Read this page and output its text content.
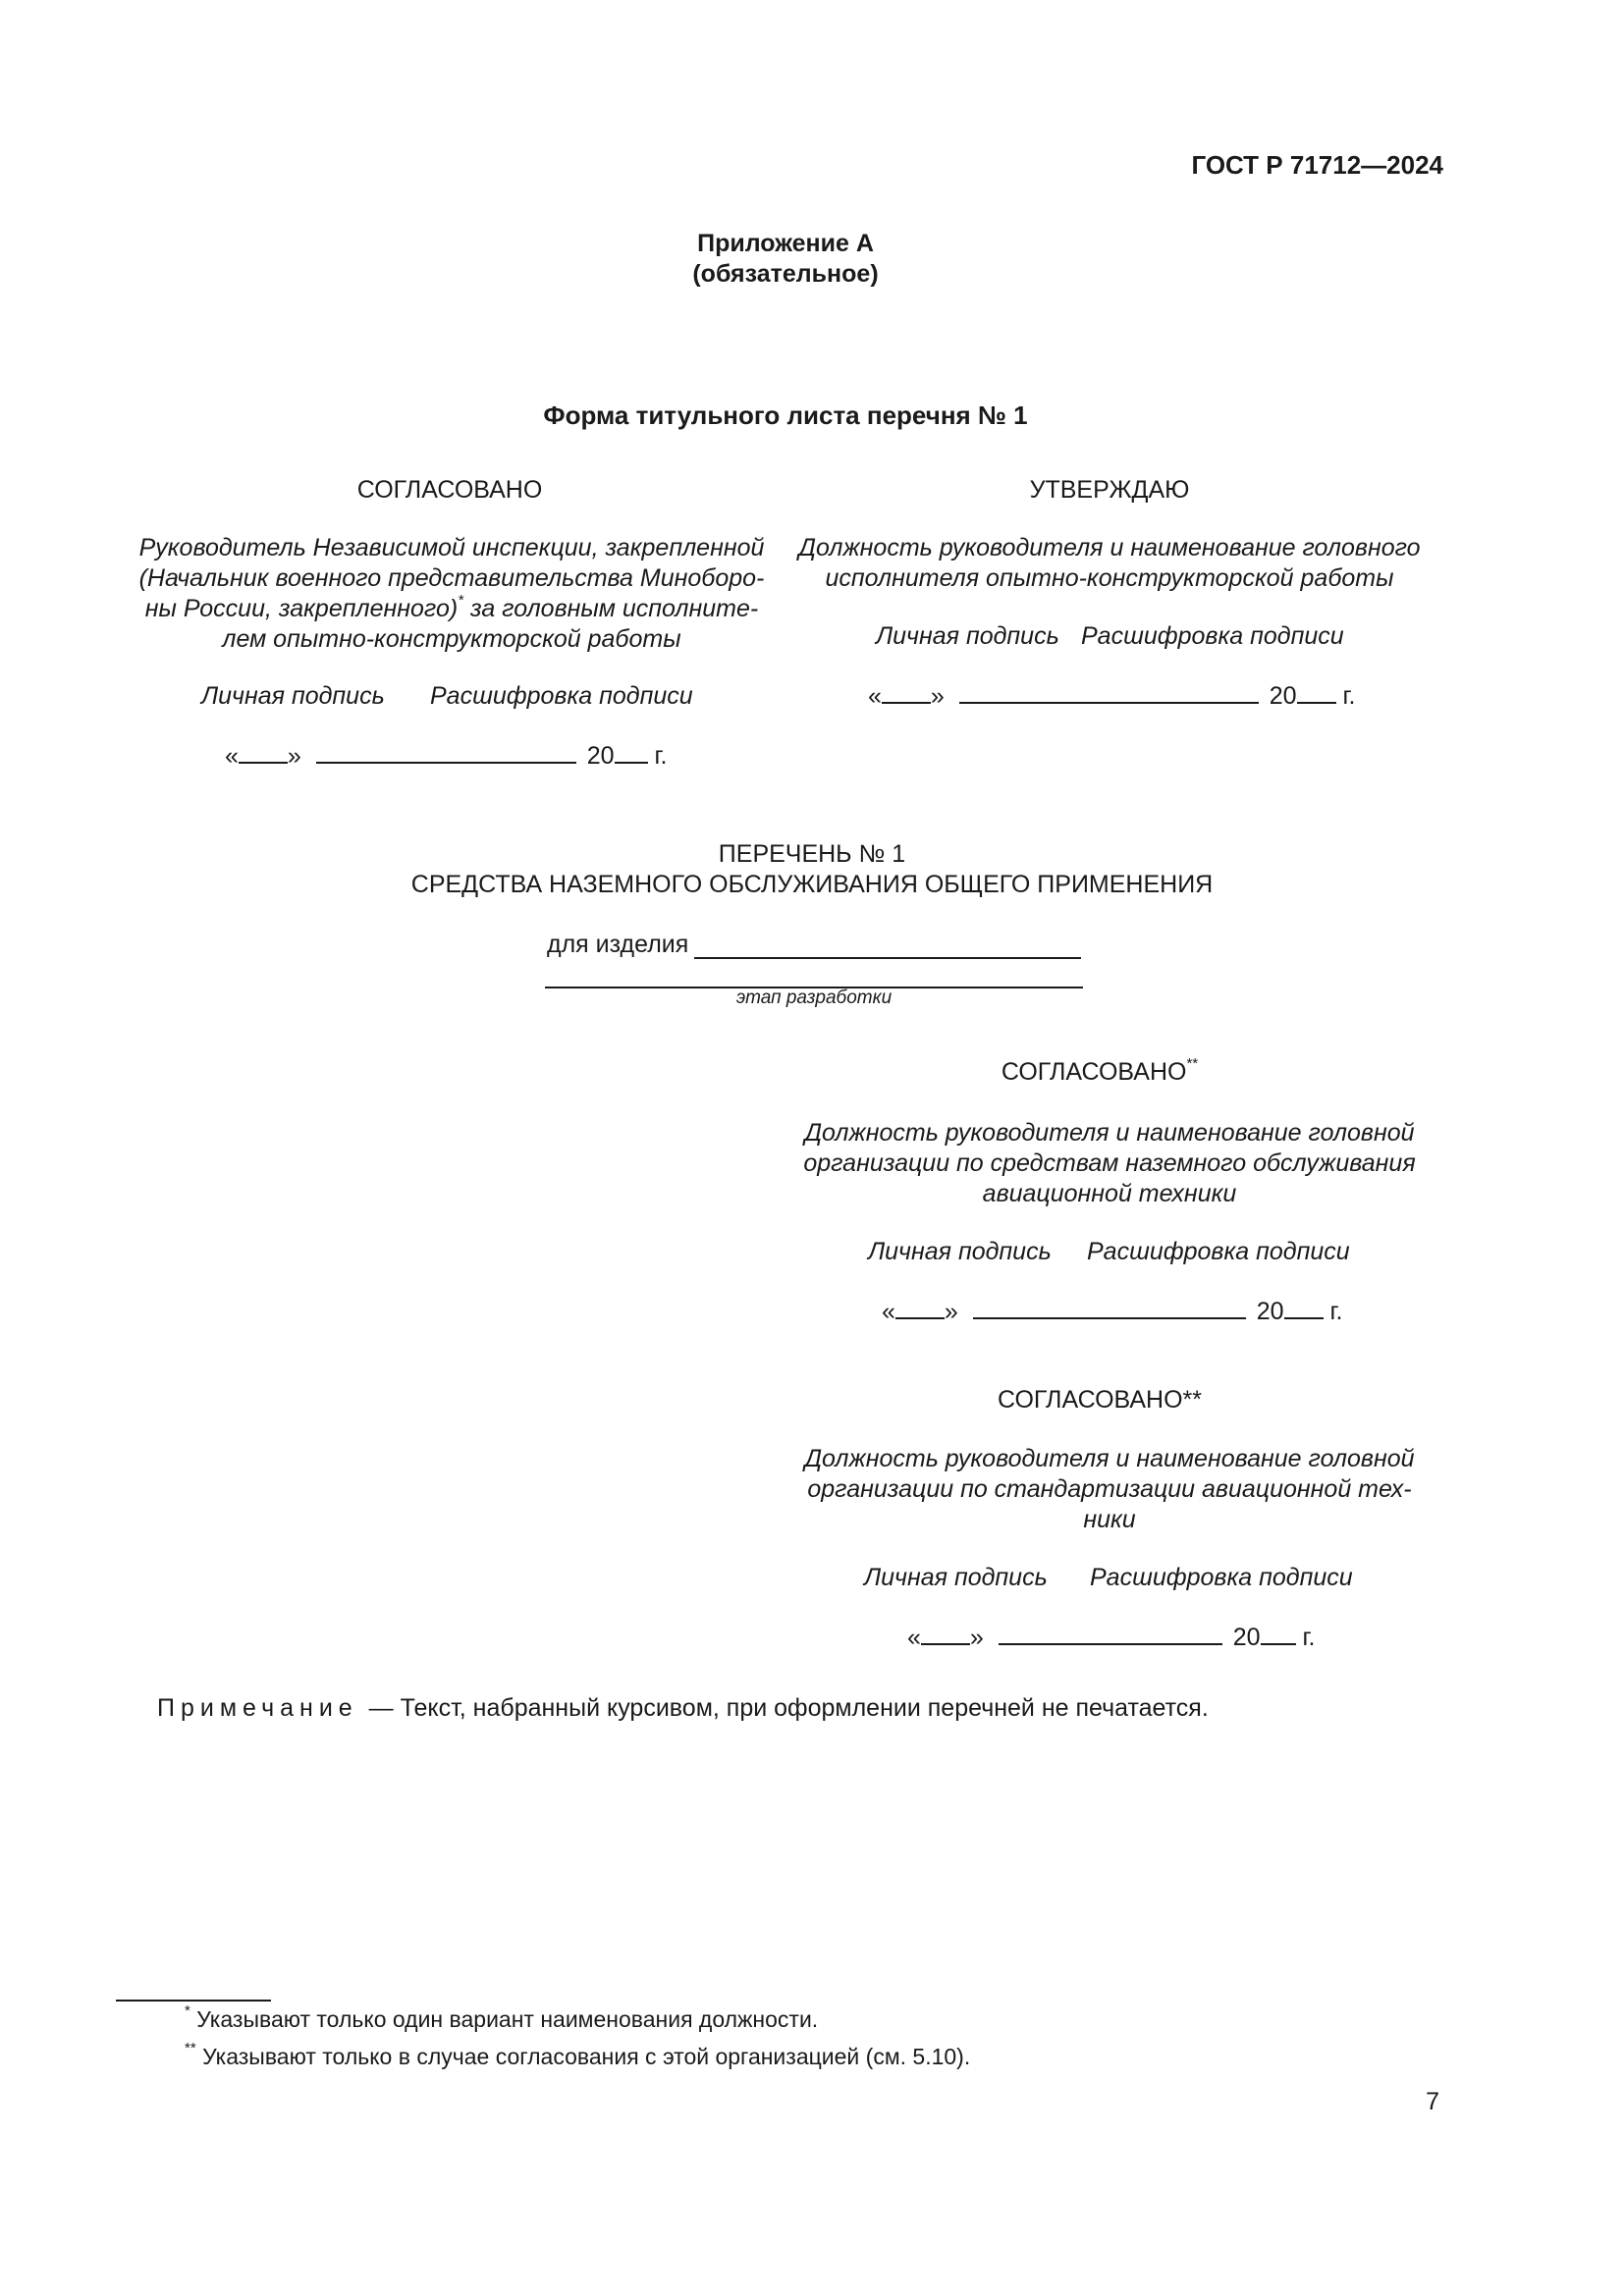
ГОСТ Р 71712—2024
Приложение А
(обязательное)
Форма титульного листа перечня № 1
СОГЛАСОВАНО
Руководитель Независимой инспекции, закрепленной
(Начальник военного представительства Минобоpо-
ны России, закрепленного)* за головным исполните-
лем опытно-конструкторской работы
Личная подпись Расшифровка подписи
« »	20 г.
УТВЕРЖДАЮ
Должность руководителя и наименование головного
исполнителя опытно-конструкторской работы
Личная подпись Расшифровка подписи
« »	20 г.
ПЕРЕЧЕНЬ № 1
СРЕДСТВА НАЗЕМНОГО ОБСЛУЖИВАНИЯ ОБЩЕГО ПРИМЕНЕНИЯ
для изделия
этап разработки
СОГЛАСОВАНО**
Должность руководителя и наименование головной
организации по средствам наземного обслуживания
авиационной техники
Личная подпись Расшифровка подписи
« »	20 г.
СОГЛАСОВАНО**
Должность руководителя и наименование головной
организации по стандартизации авиационной тех-
ники
Личная подпись Расшифровка подписи
« »	20 г.
Примечание — Текст, набранный курсивом, при оформлении перечней не печатается.
* Указывают только один вариант наименования должности.
** Указывают только в случае согласования с этой организацией (см. 5.10).
7
